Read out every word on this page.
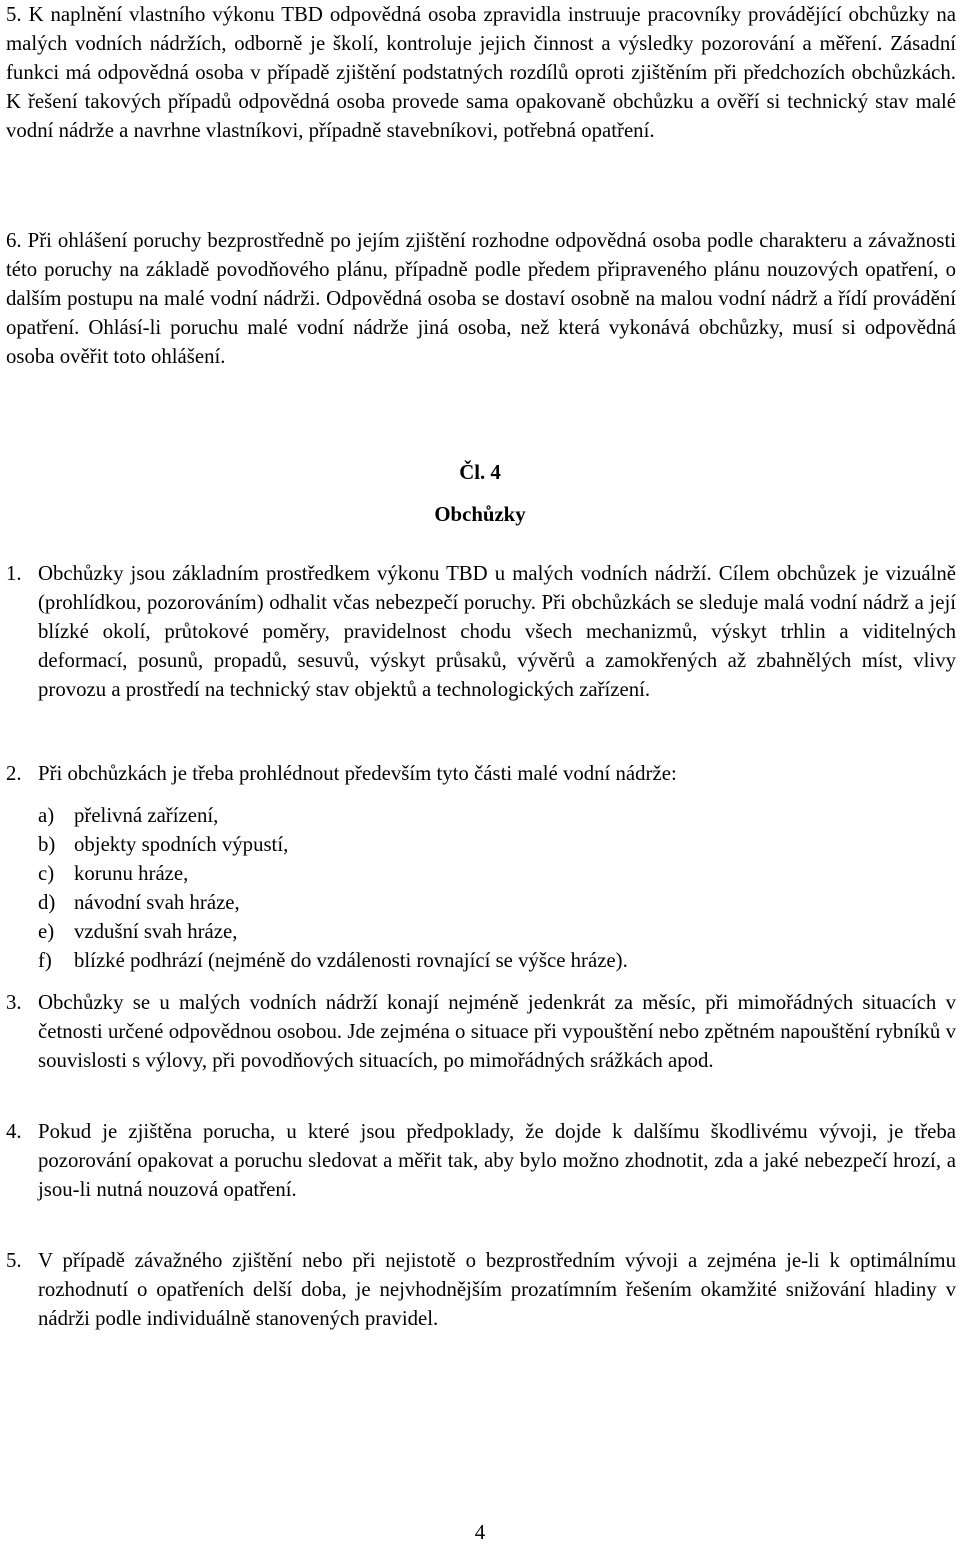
5. K naplnění vlastního výkonu TBD odpovědná osoba zpravidla instruuje pracovníky provádějící obchůzky na malých vodních nádržích, odborně je školí, kontroluje jejich činnost a výsledky pozorování a měření. Zásadní funkci má odpovědná osoba v případě zjištění podstatných rozdílů oproti zjištěním při předchozích obchůzkách. K řešení takových případů odpovědná osoba provede sama opakovaně obchůzku a ověří si technický stav malé vodní nádrže a navrhne vlastníkovi, případně stavebníkovi, potřebná opatření.

6. Při ohlášení poruchy bezprostředně po jejím zjištění rozhodne odpovědná osoba podle charakteru a závažnosti této poruchy na základě povodňového plánu, případně podle předem připraveného plánu nouzových opatření, o dalším postupu na malé vodní nádrži. Odpovědná osoba se dostaví osobně na malou vodní nádrž a řídí provádění opatření. Ohlásí-li poruchu malé vodní nádrže jiná osoba, než která vykonává obchůzky, musí si odpovědná osoba ověřit toto ohlášení.

Čl. 4
Obchůzky
1. Obchůzky jsou základním prostředkem výkonu TBD u malých vodních nádrží. Cílem obchůzek je vizuálně (prohlídkou, pozorováním) odhalit včas nebezpečí poruchy. Při obchůzkách se sleduje malá vodní nádrž a její blízké okolí, průtokové poměry, pravidelnost chodu všech mechanizmů, výskyt trhlin a viditelných deformací, posunů, propadů, sesuvů, výskyt průsaků, vývěrů a zamokřených až zbahnělých míst, vlivy provozu a prostředí na technický stav objektů a technologických zařízení.

2. Při obchůzkách je třeba prohlédnout především tyto části malé vodní nádrže:

a) přelivná zařízení,
b) objekty spodních výpustí,
c) korunu hráze,
d) návodní svah hráze,
e) vzdušní svah hráze,
f) blízké podhrází (nejméně do vzdálenosti rovnající se výšce hráze).
3. Obchůzky se u malých vodních nádrží konají nejméně jedenkrát za měsíc, při mimořádných situacích v četnosti určené odpovědnou osobou. Jde zejména o situace při vypouštění nebo zpětném napouštění rybníků v souvislosti s výlovy, při povodňových situacích, po mimořádných srážkách apod.

4. Pokud je zjištěna porucha, u které jsou předpoklady, že dojde k dalšímu škodlivému vývoji, je třeba pozorování opakovat a poruchu sledovat a měřit tak, aby bylo možno zhodnotit, zda a jaké nebezpečí hrozí, a jsou-li nutná nouzová opatření.

5. V případě závažného zjištění nebo při nejistotě o bezprostředním vývoji a zejména je-li k optimálnímu rozhodnutí o opatřeních delší doba, je nejvhodnějším prozatímním řešením okamžité snižování hladiny v nádrži podle individuálně stanovených pravidel.

4
